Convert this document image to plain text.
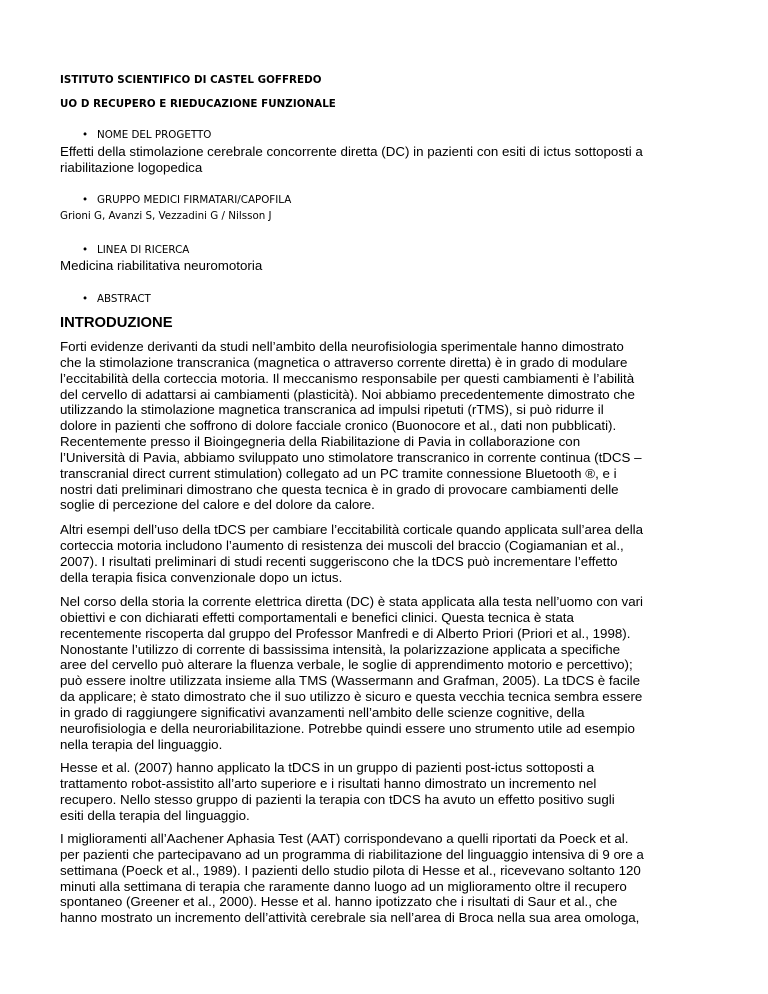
ISTITUTO SCIENTIFICO DI CASTEL GOFFREDO
UO D RECUPERO E RIEDUCAZIONE FUNZIONALE
• NOME DEL PROGETTO
Effetti della stimolazione cerebrale concorrente diretta (DC) in pazienti con esiti di ictus sottoposti a
riabilitazione logopedica
• GRUPPO MEDICI FIRMATARI/CAPOFILA
Grioni G, Avanzi S, Vezzadini G / Nilsson J
• LINEA DI RICERCA
Medicina riabilitativa neuromotoria
• ABSTRACT
INTRODUZIONE
Forti evidenze derivanti da studi nell’ambito della neurofisiologia sperimentale hanno dimostrato
che la stimolazione transcranica (magnetica o attraverso corrente diretta) è in grado di modulare
l’eccitabilità della corteccia motoria. Il meccanismo responsabile per questi cambiamenti è l’abilità
del cervello di adattarsi ai cambiamenti (plasticità). Noi abbiamo precedentemente dimostrato che
utilizzando la stimolazione magnetica transcranica ad impulsi ripetuti (rTMS), si può ridurre il
dolore in pazienti che soffrono di dolore facciale cronico (Buonocore et al., dati non pubblicati).
Recentemente presso il Bioingegneria della Riabilitazione di Pavia in collaborazione con
l’Università di Pavia, abbiamo sviluppato uno stimolatore transcranico in corrente continua (tDCS –
transcranial direct current stimulation) collegato ad un PC tramite connessione Bluetooth ®, e i
nostri dati preliminari dimostrano che questa tecnica è in grado di provocare cambiamenti delle
soglie di percezione del calore e del dolore da calore.
Altri esempi dell’uso della tDCS per cambiare l’eccitabilità corticale quando applicata sull’area della
corteccia motoria includono l’aumento di resistenza dei muscoli del braccio (Cogiamanian et al.,
2007). I risultati preliminari di studi recenti suggeriscono che la tDCS può incrementare l’effetto
della terapia fisica convenzionale dopo un ictus.
Nel corso della storia la corrente elettrica diretta (DC) è stata applicata alla testa nell’uomo con vari
obiettivi e con dichiarati effetti comportamentali e benefici clinici. Questa tecnica è stata
recentemente riscoperta dal gruppo del Professor Manfredi e di Alberto Priori (Priori et al., 1998).
Nonostante l’utilizzo di corrente di bassissima intensità, la polarizzazione applicata a specifiche
aree del cervello può alterare la fluenza verbale, le soglie di apprendimento motorio e percettivo);
può essere inoltre utilizzata insieme alla TMS (Wassermann and Grafman, 2005). La tDCS è facile
da applicare; è stato dimostrato che il suo utilizzo è sicuro e questa vecchia tecnica sembra essere
in grado di raggiungere significativi avanzamenti nell’ambito delle scienze cognitive, della
neurofisiologia e della neuroriabilitazione. Potrebbe quindi essere uno strumento utile ad esempio
nella terapia del linguaggio.
Hesse et al. (2007) hanno applicato la tDCS in un gruppo di pazienti post-ictus sottoposti a
trattamento robot-assistito all’arto superiore e i risultati hanno dimostrato un incremento nel
recupero. Nello stesso gruppo di pazienti la terapia con tDCS ha avuto un effetto positivo sugli
esiti della terapia del linguaggio.
I miglioramenti all’Aachener Aphasia Test (AAT) corrispondevano a quelli riportati da Poeck et al.
per pazienti che partecipavano ad un programma di riabilitazione del linguaggio intensiva di 9 ore a
settimana (Poeck et al., 1989). I pazienti dello studio pilota di Hesse et al., ricevevano soltanto 120
minuti alla settimana di terapia che raramente danno luogo ad un miglioramento oltre il recupero
spontaneo (Greener et al., 2000). Hesse et al. hanno ipotizzato che i risultati di Saur et al., che
hanno mostrato un incremento dell’attività cerebrale sia nell’area di Broca nella sua area omologa,
